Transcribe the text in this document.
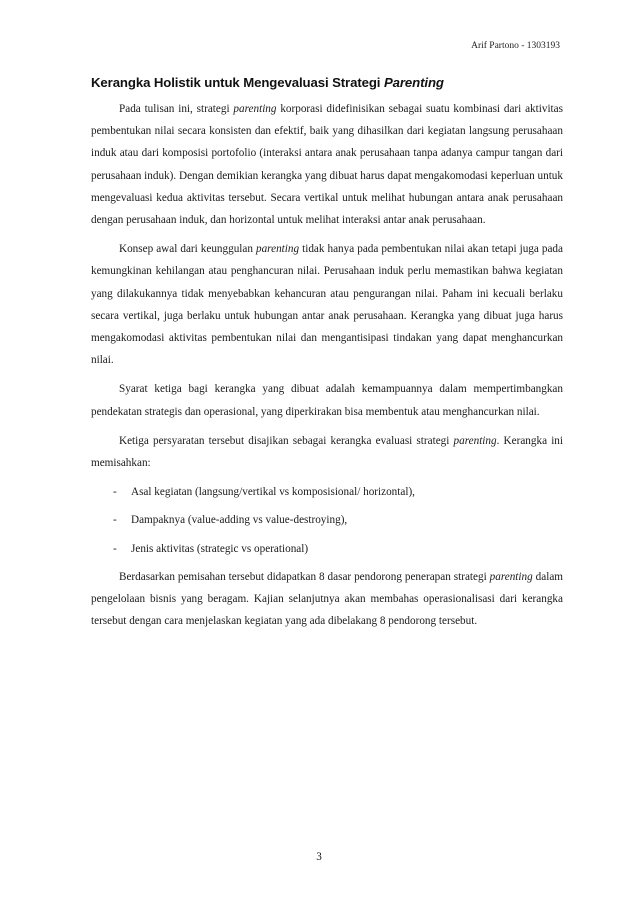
Arif Partono - 1303193
Kerangka Holistik untuk Mengevaluasi Strategi Parenting

Pada tulisan ini, strategi parenting korporasi didefinisikan sebagai suatu kombinasi dari aktivitas pembentukan nilai secara konsisten dan efektif, baik yang dihasilkan dari kegiatan langsung perusahaan induk atau dari komposisi portofolio (interaksi antara anak perusahaan tanpa adanya campur tangan dari perusahaan induk). Dengan demikian kerangka yang dibuat harus dapat mengakomodasi keperluan untuk mengevaluasi kedua aktivitas tersebut. Secara vertikal untuk melihat hubungan antara anak perusahaan dengan perusahaan induk, dan horizontal untuk melihat interaksi antar anak perusahaan.

Konsep awal dari keunggulan parenting tidak hanya pada pembentukan nilai akan tetapi juga pada kemungkinan kehilangan atau penghancuran nilai. Perusahaan induk perlu memastikan bahwa kegiatan yang dilakukannya tidak menyebabkan kehancuran atau pengurangan nilai. Paham ini kecuali berlaku secara vertikal, juga berlaku untuk hubungan antar anak perusahaan. Kerangka yang dibuat juga harus mengakomodasi aktivitas pembentukan nilai dan mengantisipasi tindakan yang dapat menghancurkan nilai.

Syarat ketiga bagi kerangka yang dibuat adalah kemampuannya dalam mempertimbangkan pendekatan strategis dan operasional, yang diperkirakan bisa membentuk atau menghancurkan nilai.

Ketiga persyaratan tersebut disajikan sebagai kerangka evaluasi strategi parenting. Kerangka ini memisahkan:

- Asal kegiatan (langsung/vertikal vs komposisional/ horizontal),
- Dampaknya (value-adding vs value-destroying),
- Jenis aktivitas (strategic vs operational)

Berdasarkan pemisahan tersebut didapatkan 8 dasar pendorong penerapan strategi parenting dalam pengelolaan bisnis yang beragam. Kajian selanjutnya akan membahas operasionalisasi dari kerangka tersebut dengan cara menjelaskan kegiatan yang ada dibelakang 8 pendorong tersebut.

3
